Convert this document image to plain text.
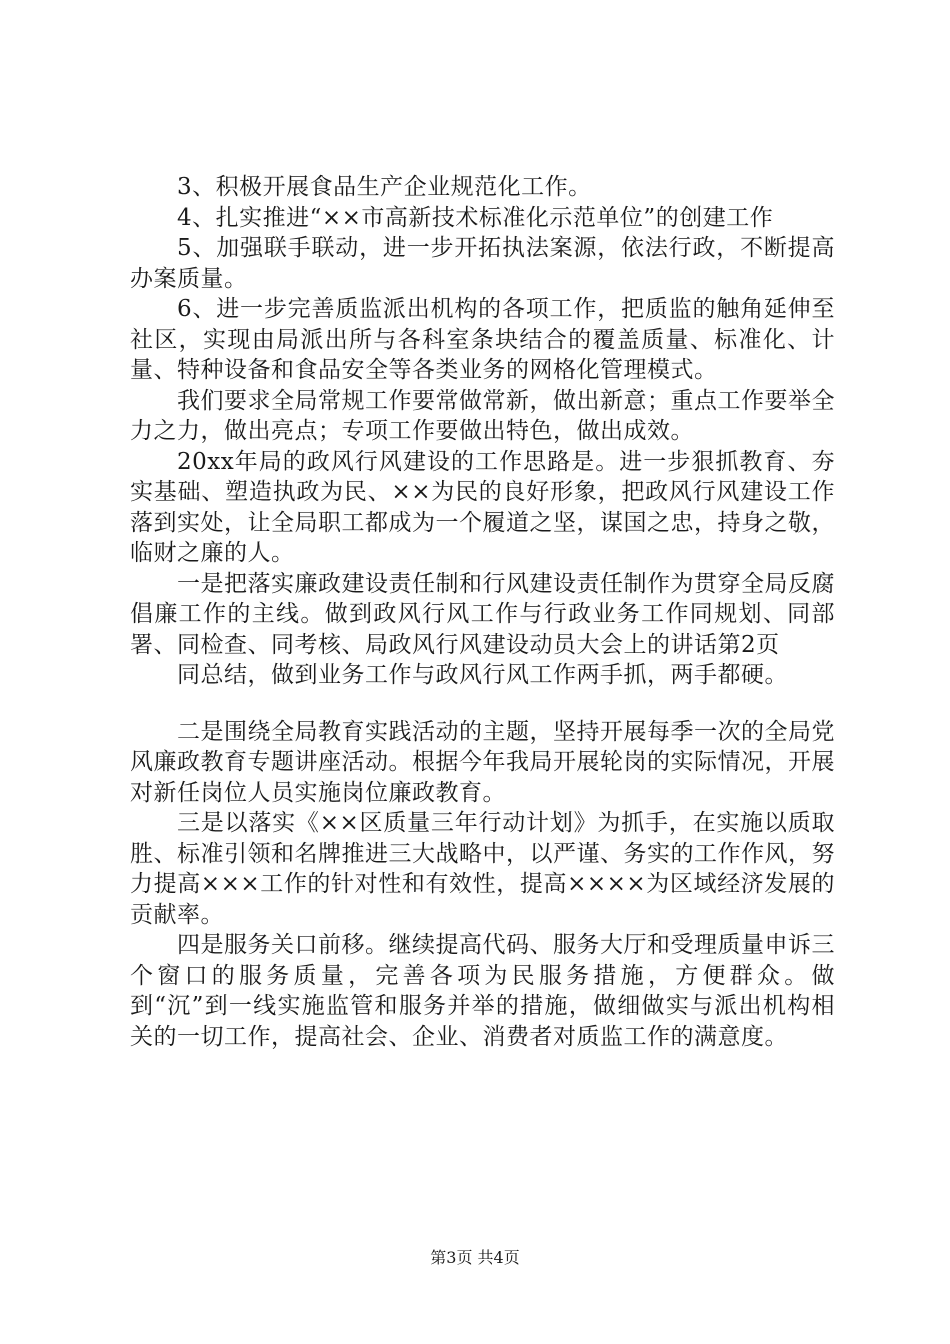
3、积极开展食品生产企业规范化工作。

4、扎实推进“××市高新技术标准化示范单位”的创建工作

5、加强联手联动，进一步开拓执法案源，依法行政，不断提高办案质量。

6、进一步完善质监派出机构的各项工作，把质监的触角延伸至社区，实现由局派出所与各科室条块结合的覆盖质量、标准化、计量、特种设备和食品安全等各类业务的网格化管理模式。

我们要求全局常规工作要常做常新，做出新意；重点工作要举全力之力，做出亮点；专项工作要做出特色，做出成效。

20xx年局的政风行风建设的工作思路是。进一步狠抓教育、夯实基础、塑造执政为民、××为民的良好形象，把政风行风建设工作落到实处，让全局职工都成为一个履道之坚，谋国之忠，持身之敬，临财之廉的人。

一是把落实廉政建设责任制和行风建设责任制作为贯穿全局反腐倡廉工作的主线。做到政风行风工作与行政业务工作同规划、同部署、同检查、同考核、局政风行风建设动员大会上的讲话第2页

同总结，做到业务工作与政风行风工作两手抓，两手都硬。

二是围绕全局教育实践活动的主题，坚持开展每季一次的全局党风廉政教育专题讲座活动。根据今年我局开展轮岗的实际情况，开展对新任岗位人员实施岗位廉政教育。

三是以落实《××区质量三年行动计划》为抓手，在实施以质取胜、标准引领和名牌推进三大战略中，以严谨、务实的工作作风，努力提高×××工作的针对性和有效性，提高××××为区域经济发展的贡献率。

四是服务关口前移。继续提高代码、服务大厅和受理质量申诉三个窗口的服务质量，完善各项为民服务措施，方便群众。做到“沉”到一线实施监管和服务并举的措施，做细做实与派出机构相关的一切工作，提高社会、企业、消费者对质监工作的满意度。

第3页 共4页
